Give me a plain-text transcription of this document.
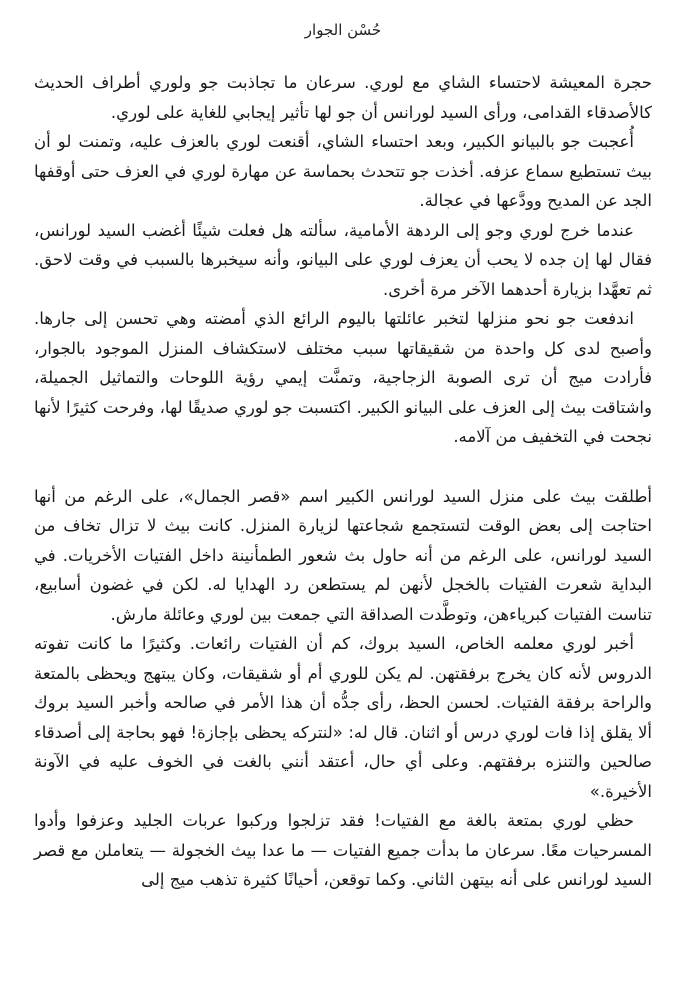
حُسْن الجوار

حجرة المعيشة لاحتساء الشاي مع لوري. سرعان ما تجاذبت جو ولوري أطراف الحديث كالأصدقاء القدامى، ورأى السيد لورانس أن جو لها تأثير إيجابي للغاية على لوري.

أُعجبت جو بالبيانو الكبير، وبعد احتساء الشاي، أقنعت لوري بالعزف عليه، وتمنت لو أن بيث تستطيع سماع عزفه. أخذت جو تتحدث بحماسة عن مهارة لوري في العزف حتى أوقفها الجد عن المديح وودَّعها في عجالة.

عندما خرج لوري وجو إلى الردهة الأمامية، سألته هل فعلت شيئًا أغضب السيد لورانس، فقال لها إن جده لا يحب أن يعزف لوري على البيانو، وأنه سيخبرها بالسبب في وقت لاحق. ثم تعهَّدا بزيارة أحدهما الآخر مرة أخرى.

اندفعت جو نحو منزلها لتخبر عائلتها باليوم الرائع الذي أمضته وهي تحسن إلى جارها. وأصبح لدى كل واحدة من شقيقاتها سبب مختلف لاستكشاف المنزل الموجود بالجوار، فأرادت ميج أن ترى الصوبة الزجاجية، وتمنَّت إيمي رؤية اللوحات والتماثيل الجميلة، واشتاقت بيث إلى العزف على البيانو الكبير. اكتسبت جو لوري صديقًا لها، وفرحت كثيرًا لأنها نجحت في التخفيف من آلامه.

أطلقت بيث على منزل السيد لورانس الكبير اسم «قصر الجمال»، على الرغم من أنها احتاجت إلى بعض الوقت لتستجمع شجاعتها لزيارة المنزل. كانت بيث لا تزال تخاف من السيد لورانس، على الرغم من أنه حاول بث شعور الطمأنينة داخل الفتيات الأخريات. في البداية شعرت الفتيات بالخجل لأنهن لم يستطعن رد الهدايا له. لكن في غضون أسابيع، تناست الفتيات كبرياءهن، وتوطَّدت الصداقة التي جمعت بين لوري وعائلة مارش.

أخبر لوري معلمه الخاص، السيد بروك، كم أن الفتيات رائعات. وكثيرًا ما كانت تفوته الدروس لأنه كان يخرج برفقتهن. لم يكن للوري أم أو شقيقات، وكان يبتهج ويحظى بالمتعة والراحة برفقة الفتيات. لحسن الحظ، رأى جدُّه أن هذا الأمر في صالحه وأخبر السيد بروك ألا يقلق إذا فات لوري درس أو اثنان. قال له: «لنتركه يحظى بإجازة! فهو بحاجة إلى أصدقاء صالحين والتنزه برفقتهم. وعلى أي حال، أعتقد أنني بالغت في الخوف عليه في الآونة الأخيرة.»

حظي لوري بمتعة بالغة مع الفتيات! فقد تزلجوا وركبوا عربات الجليد وعزفوا وأدوا المسرحيات معًا. سرعان ما بدأت جميع الفتيات — ما عدا بيث الخجولة — يتعاملن مع قصر السيد لورانس على أنه بيتهن الثاني. وكما توقعن، أحيانًا كثيرة تذهب ميج إلى
